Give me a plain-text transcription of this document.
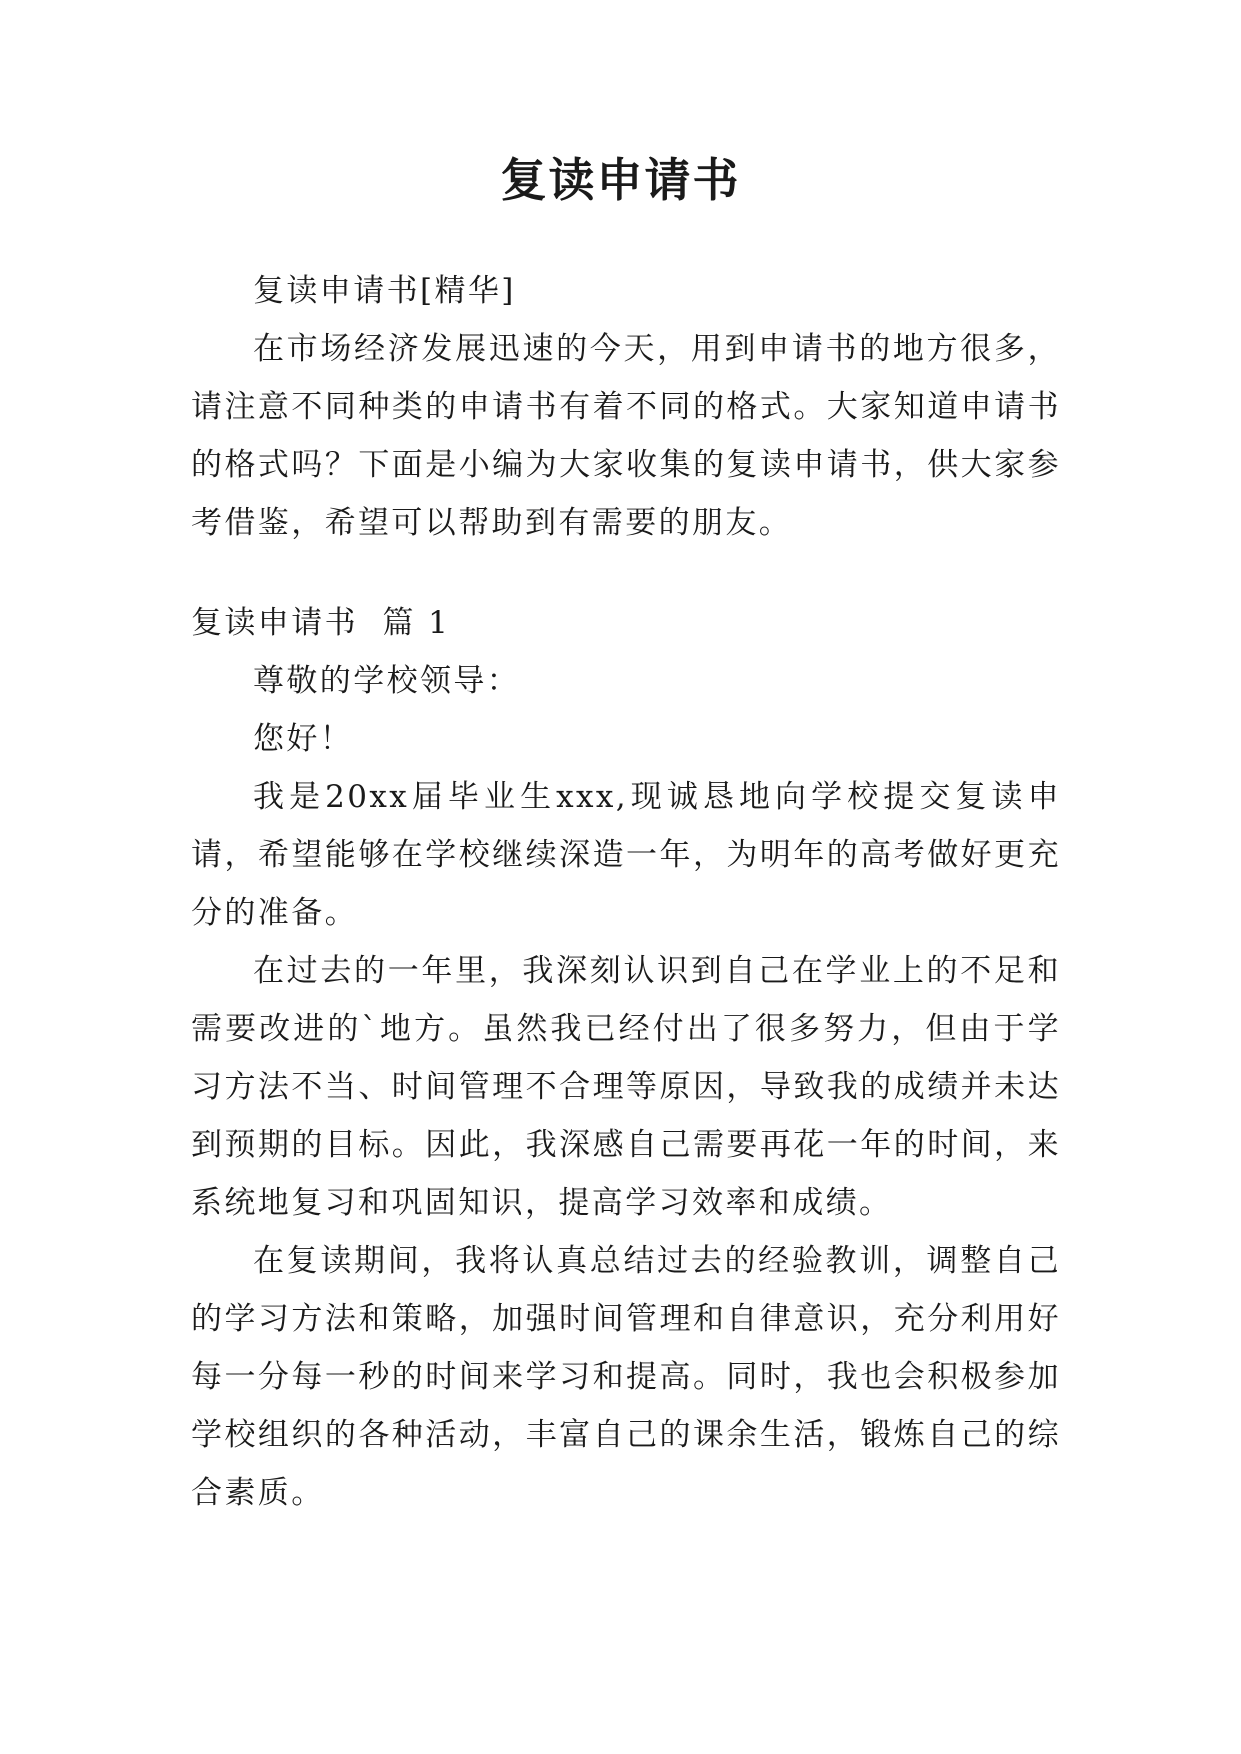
复读申请书

复读申请书[精华]

在市场经济发展迅速的今天，用到申请书的地方很多，请注意不同种类的申请书有着不同的格式。大家知道申请书的格式吗？下面是小编为大家收集的复读申请书，供大家参考借鉴，希望可以帮助到有需要的朋友。

复读申请书  篇 1

尊敬的学校领导：

您好！

我是20xx届毕业生xxx,现诚恳地向学校提交复读申请，希望能够在学校继续深造一年，为明年的高考做好更充分的准备。

在过去的一年里，我深刻认识到自己在学业上的不足和需要改进的`地方。虽然我已经付出了很多努力，但由于学习方法不当、时间管理不合理等原因，导致我的成绩并未达到预期的目标。因此，我深感自己需要再花一年的时间，来系统地复习和巩固知识，提高学习效率和成绩。

在复读期间，我将认真总结过去的经验教训，调整自己的学习方法和策略，加强时间管理和自律意识，充分利用好每一分每一秒的时间来学习和提高。同时，我也会积极参加学校组织的各种活动，丰富自己的课余生活，锻炼自己的综合素质。
